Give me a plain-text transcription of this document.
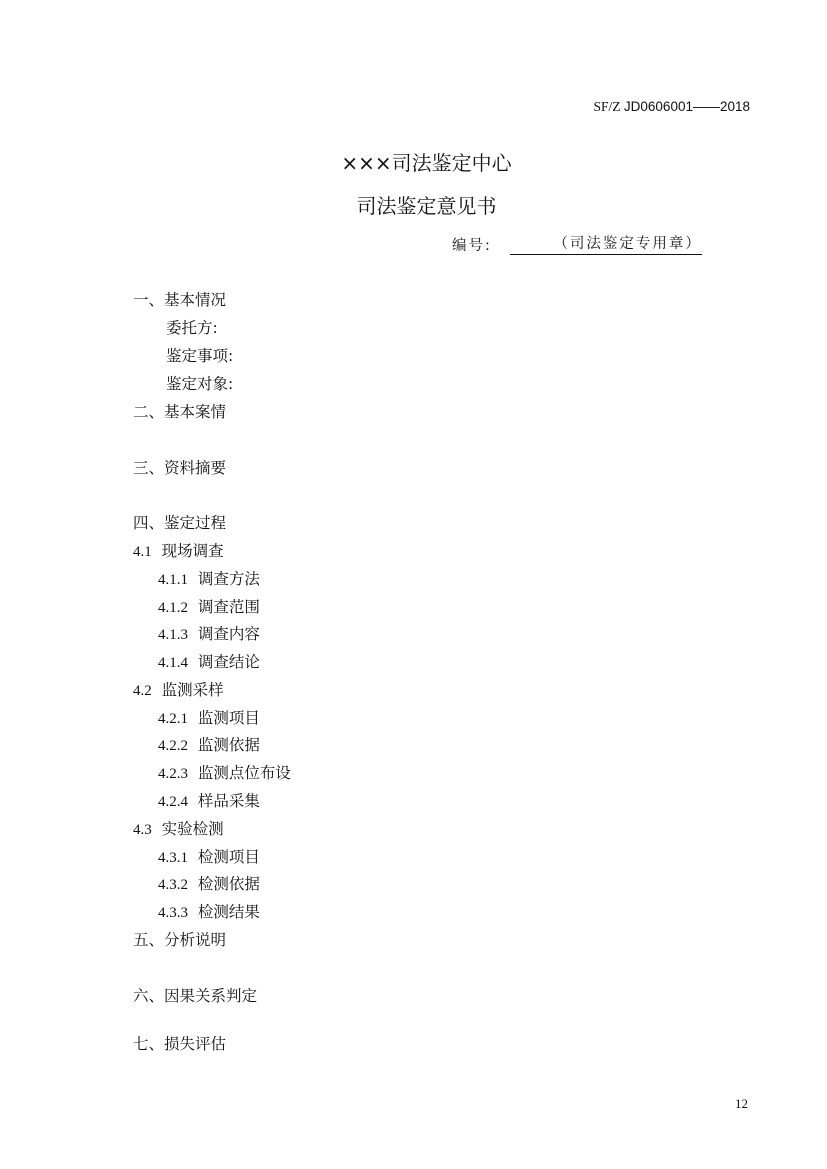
SF/Z JD0606001——2018
×××司法鉴定中心
司法鉴定意见书
编号:	（司法鉴定专用章）
一、基本情况
委托方:
鉴定事项:
鉴定对象:
二、基本案情
三、资料摘要
四、鉴定过程
4.1 现场调查
4.1.1 调查方法
4.1.2 调查范围
4.1.3 调查内容
4.1.4 调查结论
4.2 监测采样
4.2.1 监测项目
4.2.2 监测依据
4.2.3 监测点位布设
4.2.4 样品采集
4.3 实验检测
4.3.1 检测项目
4.3.2 检测依据
4.3.3 检测结果
五、分析说明
六、因果关系判定
七、损失评估
12
